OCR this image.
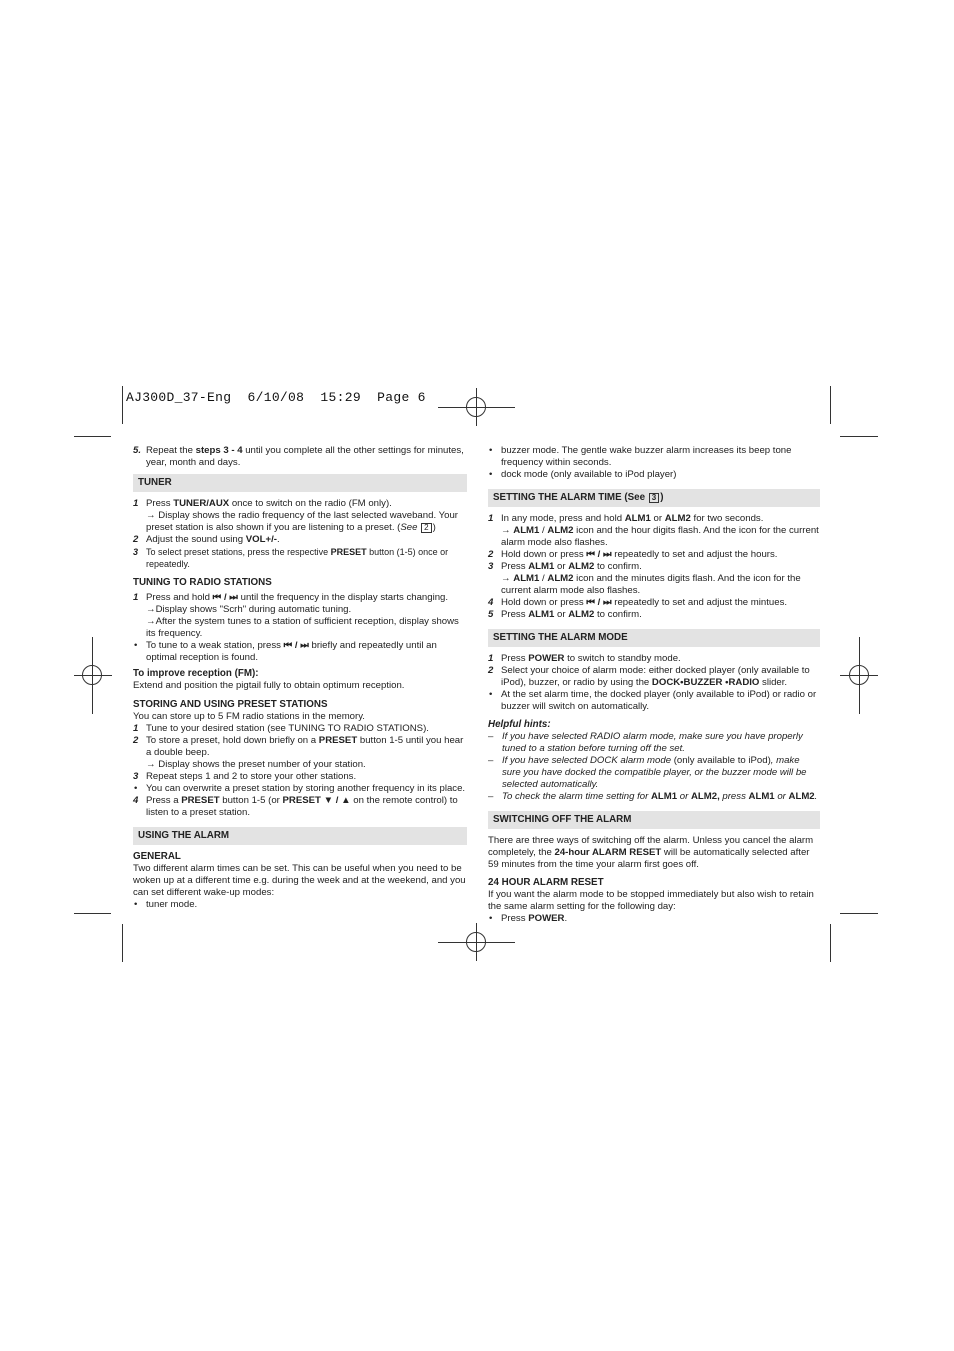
AJ300D_37-Eng  6/10/08  15:29  Page 6
5. Repeat the steps 3 - 4 until you complete all the other settings for minutes, year, month and days.
TUNER
1 Press TUNER/AUX once to switch on the radio (FM only).
→ Display shows the radio frequency of the last selected waveband. Your preset station is also shown if you are listening to a preset. (See 2 )
2 Adjust the sound using VOL+/-.
3 To select preset stations, press the respective PRESET button (1-5) once or repeatedly.
TUNING TO RADIO STATIONS
1 Press and hold ⏮ / ⏭ until the frequency in the display starts changing.
→Display shows "Scrh" during automatic tuning.
→After the system tunes to a station of sufficient reception, display shows its frequency.
• To tune to a weak station, press ⏮ / ⏭ briefly and repeatedly until an optimal reception is found.
To improve reception (FM):

Extend and position the pigtail fully to obtain optimum reception.

STORING AND USING PRESET STATIONS

You can store up to 5 FM radio stations in the memory.

1 Tune to your desired station (see TUNING TO RADIO STATIONS).
2 To store a preset, hold down briefly on a PRESET button 1-5 until you hear a double beep.
→ Display shows the preset number of your station.
3 Repeat steps 1 and 2 to store your other stations.
• You can overwrite a preset station by storing another frequency in its place.
4 Press a PRESET button 1-5 (or PRESET ▼ / ▲ on the remote control) to listen to a preset station.
USING THE ALARM
GENERAL

Two different alarm times can be set. This can be useful when you need to be woken up at a different time e.g. during the week and at the weekend, and you can set different wake-up modes:

• tuner mode.
• buzzer mode. The gentle wake buzzer alarm increases its beep tone frequency within seconds.
• dock mode (only available to iPod player)
SETTING THE ALARM TIME (See 3 )
1 In any mode, press and hold ALM1 or ALM2 for two seconds.
→ ALM1 / ALM2 icon and the hour digits flash. And the icon for the current alarm mode also flashes.
2 Hold down or press ⏮ / ⏭ repeatedly to set and adjust the hours.
3 Press ALM1 or ALM2 to confirm.
→ ALM1 / ALM2 icon and the minutes digits flash. And the icon for the current alarm mode also flashes.
4 Hold down or press ⏮ / ⏭ repeatedly to set and adjust the mintues.
5 Press ALM1 or ALM2 to confirm.
SETTING THE ALARM MODE
1 Press POWER to switch to standby mode.
2 Select your choice of alarm mode: either docked player (only available to iPod), buzzer, or radio by using the DOCK•BUZZER •RADIO slider.
• At the set alarm time, the docked player (only available to iPod) or radio or buzzer will switch on automatically.
Helpful hints:
– If you have selected RADIO alarm mode, make sure you have properly tuned to a station before turning off the set.
– If you have selected DOCK alarm mode (only available to iPod), make sure you have docked the compatible player, or the buzzer mode will be selected automatically.
– To check the alarm time setting for ALM1 or ALM2, press ALM1 or ALM2.
SWITCHING OFF THE ALARM

There are three ways of switching off the alarm. Unless you cancel the alarm completely, the 24-hour ALARM RESET will be automatically selected after 59 minutes from the time your alarm first goes off.

24 HOUR ALARM RESET

If you want the alarm mode to be stopped immediately but also wish to retain the same alarm setting for the following day:

• Press POWER.
